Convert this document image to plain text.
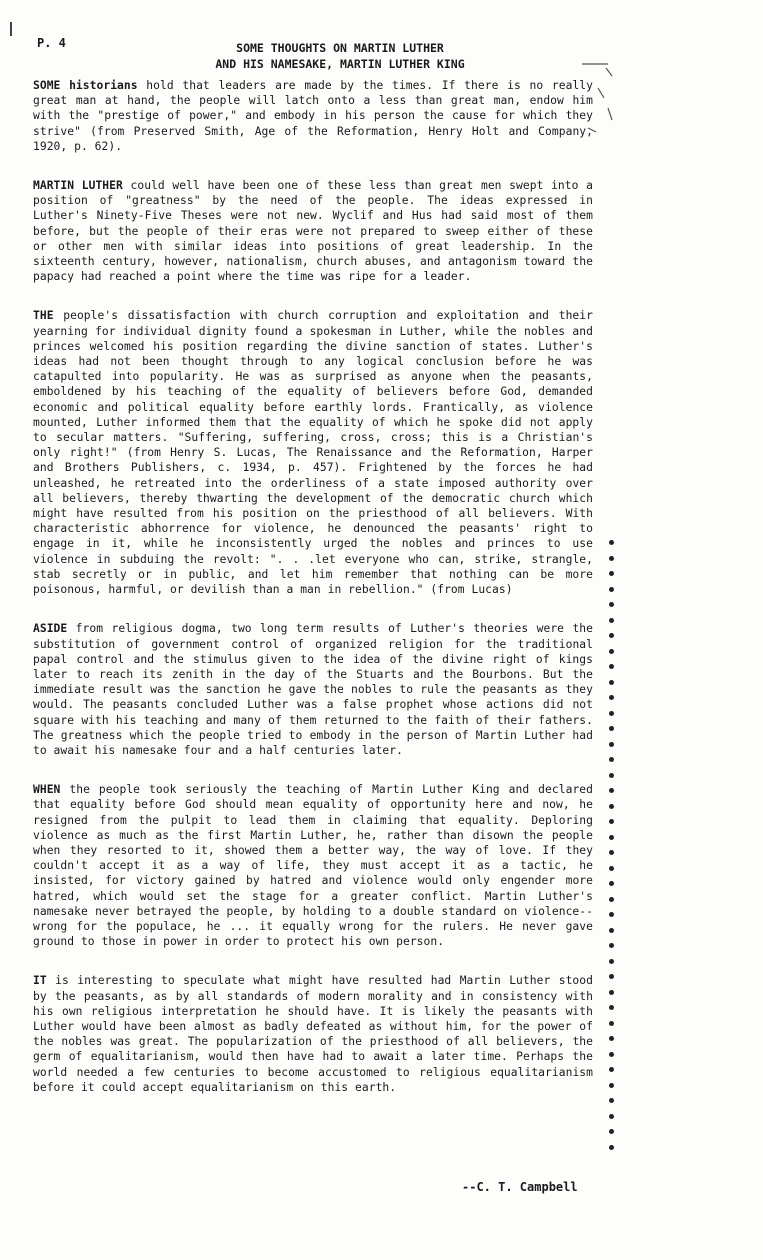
P. 4	SOME THOUGHTS ON MARTIN LUTHER
AND HIS NAMESAKE, MARTIN LUTHER KING

SOME historians hold that leaders are made by the times. If there is no really great man at hand, the people will latch onto a less than great man, endow him with the "prestige of power," and embody in his person the cause for which they strive" (from Preserved Smith, Age of the Reformation, Henry Holt and Company, 1920, p. 62).

MARTIN LUTHER could well have been one of these less than great men swept into a position of "greatness" by the need of the people. The ideas expressed in Luther's Ninety-Five Theses were not new. Wyclif and Hus had said most of them before, but the people of their eras were not prepared to sweep either of these or other men with similar ideas into positions of great leadership. In the sixteenth century, however, nationalism, church abuses, and antagonism toward the papacy had reached a point where the time was ripe for a leader.

THE people's dissatisfaction with church corruption and exploitation and their yearning for individual dignity found a spokesman in Luther, while the nobles and princes welcomed his position regarding the divine sanction of states. Luther's ideas had not been thought through to any logical conclusion before he was catapulted into popularity. He was as surprised as anyone when the peasants, emboldened by his teaching of the equality of believers before God, demanded economic and political equality before earthly lords. Frantically, as violence mounted, Luther informed them that the equality of which he spoke did not apply to secular matters. "Suffering, suffering, cross, cross; this is a Christian's only right!" (from Henry S. Lucas, The Renaissance and the Reformation, Harper and Brothers Publishers, c. 1934, p. 457). Frightened by the forces he had unleashed, he retreated into the orderliness of a state imposed authority over all believers, thereby thwarting the development of the democratic church which might have resulted from his position on the priesthood of all believers. With characteristic abhorrence for violence, he denounced the peasants' right to engage in it, while he inconsistently urged the nobles and princes to use violence in subduing the revolt: ". . .let everyone who can, strike, strangle, stab secretly or in public, and let him remember that nothing can be more poisonous, harmful, or devilish than a man in rebellion." (from Lucas)

ASIDE from religious dogma, two long term results of Luther's theories were the substitution of government control of organized religion for the traditional papal control and the stimulus given to the idea of the divine right of kings later to reach its zenith in the day of the Stuarts and the Bourbons. But the immediate result was the sanction he gave the nobles to rule the peasants as they would. The peasants concluded Luther was a false prophet whose actions did not square with his teaching and many of them returned to the faith of their fathers. The greatness which the people tried to embody in the person of Martin Luther had to await his namesake four and a half centuries later.

WHEN the people took seriously the teaching of Martin Luther King and declared that equality before God should mean equality of opportunity here and now, he resigned from the pulpit to lead them in claiming that equality. Deploring violence as much as the first Martin Luther, he, rather than disown the people when they resorted to it, showed them a better way, the way of love. If they couldn't accept it as a way of life, they must accept it as a tactic, he insisted, for victory gained by hatred and violence would only engender more hatred, which would set the stage for a greater conflict. Martin Luther's namesake never betrayed the people, by holding to a double standard on violence--wrong for the populace, he ... it equally wrong for the rulers. He never gave ground to those in power in order to protect his own person.

IT is interesting to speculate what might have resulted had Martin Luther stood by the peasants, as by all standards of modern morality and in consistency with his own religious interpretation he should have. It is likely the peasants with Luther would have been almost as badly defeated as without him, for the power of the nobles was great. The popularization of the priesthood of all believers, the germ of equalitarianism, would then have had to await a later time. Perhaps the world needed a few centuries to become accustomed to religious equalitarianism before it could accept equalitarianism on this earth.

--C. T. Campbell
